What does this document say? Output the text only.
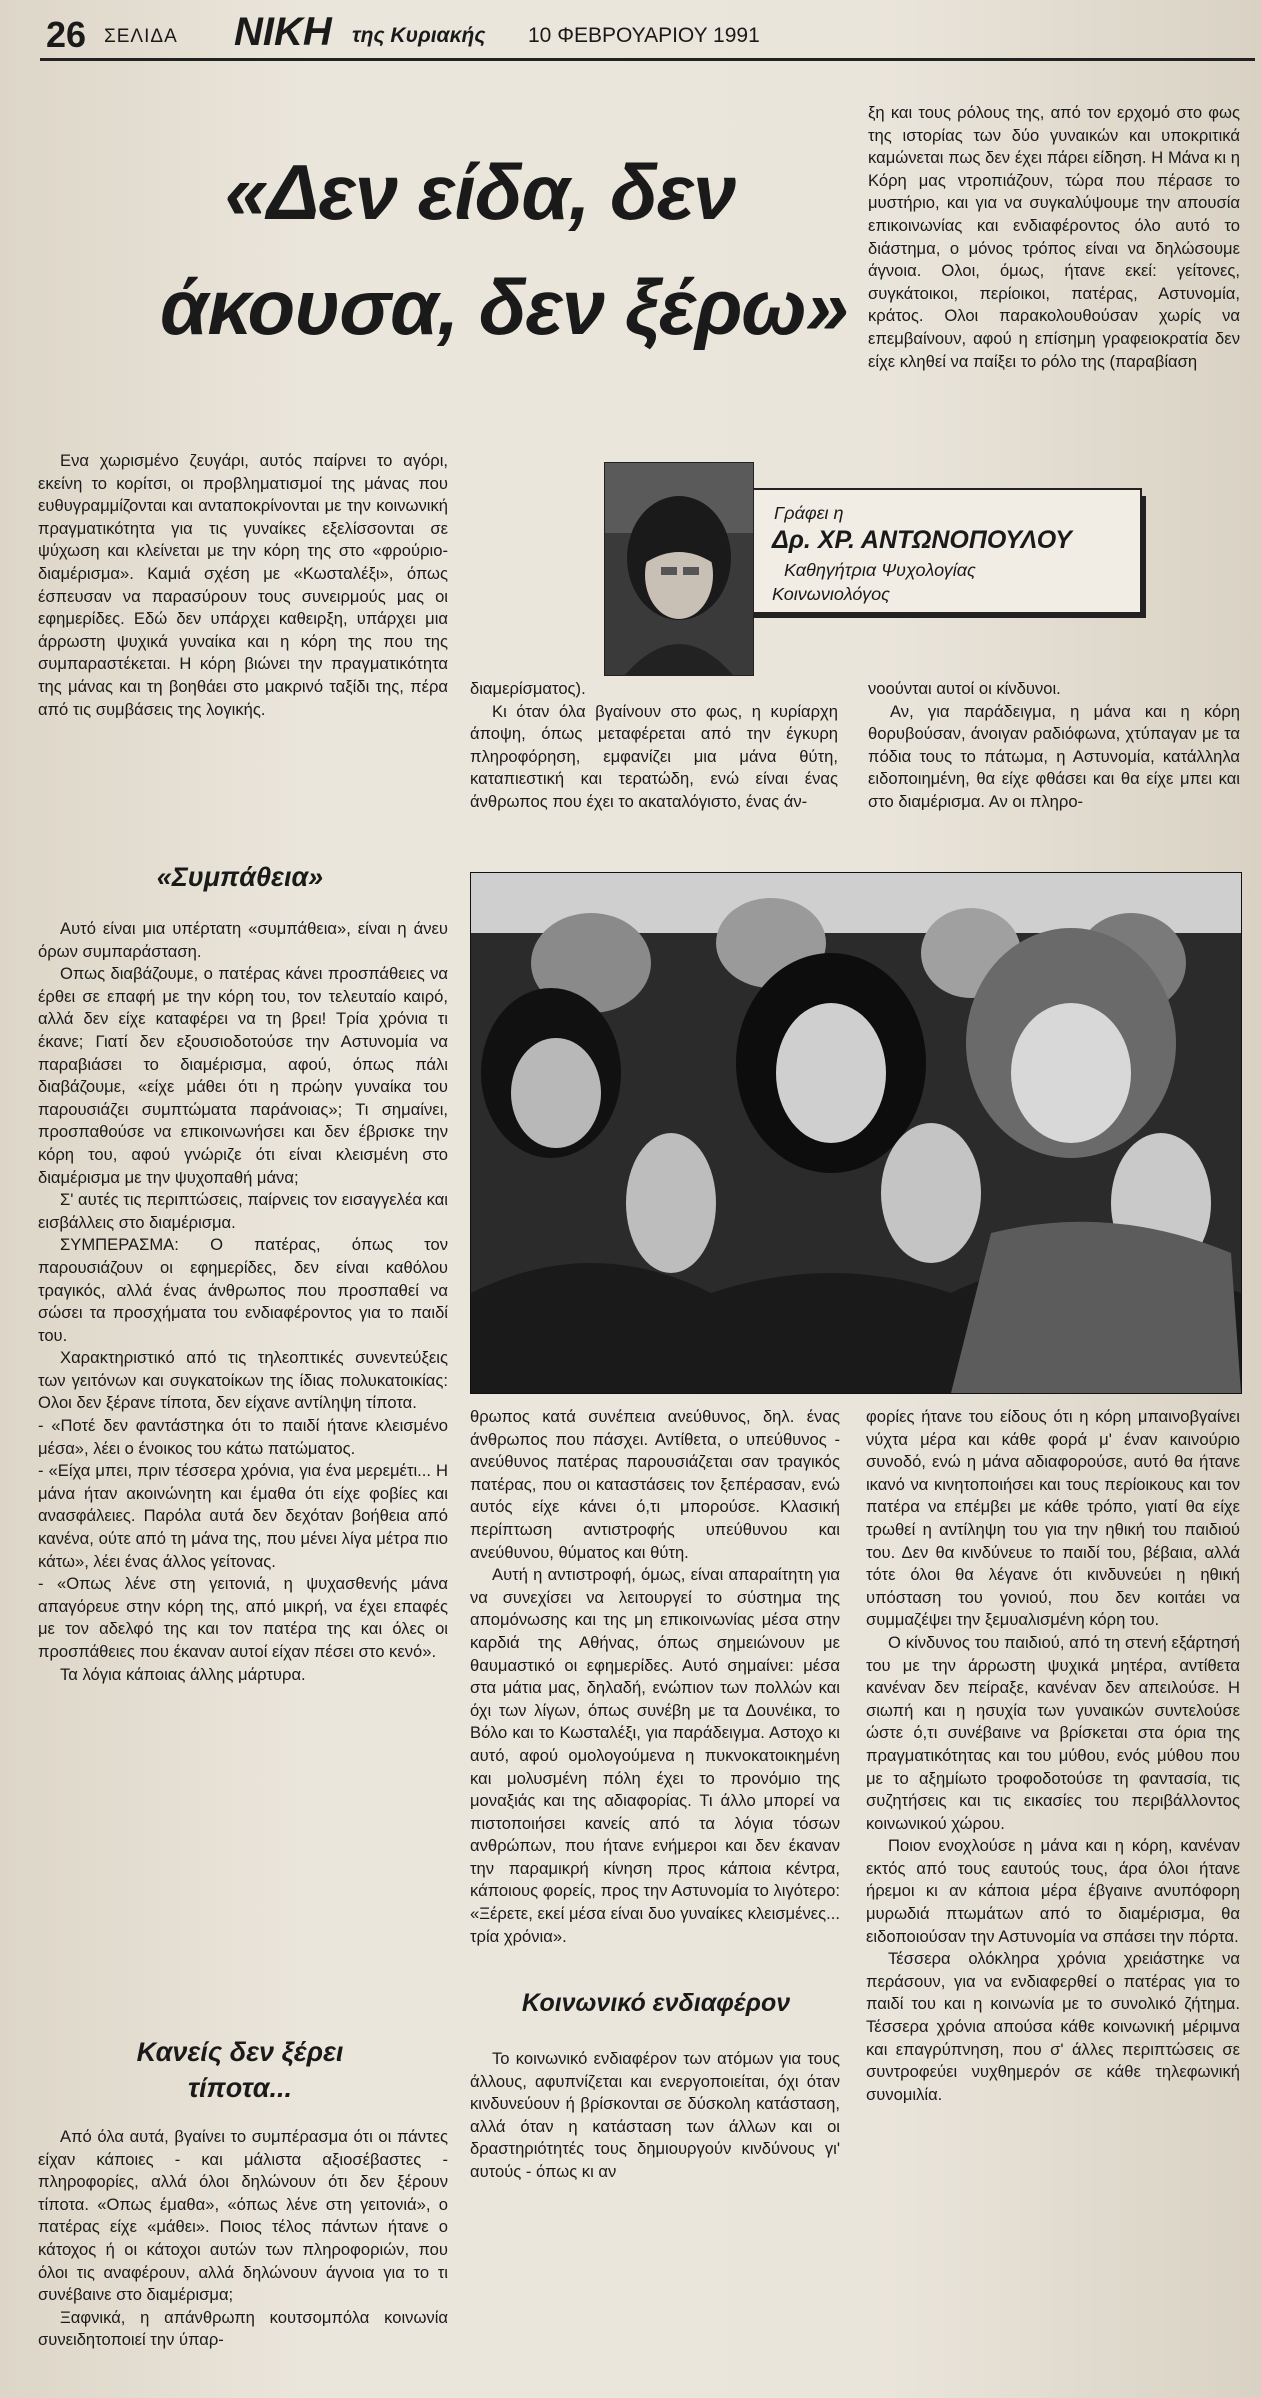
26 ΣΕΛΙΔΑ ΝΙΚΗ της Κυριακής 10 ΦΕΒΡΟΥΑΡΙΟΥ 1991
«Δεν είδα, δεν
άκουσα, δεν ξέρω»

ξη και τους ρόλους της, από τον ερχομό στο φως της ιστορίας των δύο γυναικών και υποκριτικά καμώνεται πως δεν έχει πάρει είδηση. Η Μάνα κι η Κόρη μας ντροπιάζουν, τώρα που πέρασε το μυστήριο, και για να συγκαλύψουμε την απουσία επικοινωνίας και ενδιαφέροντος όλο αυτό το διάστημα, ο μόνος τρόπος είναι να δηλώσουμε άγνοια. Ολοι, όμως, ήτανε εκεί: γείτονες, συγκάτοικοι, περίοικοι, πατέρας, Αστυνομία, κράτος. Ολοι παρακολουθούσαν χωρίς να επεμβαίνουν, αφού η επίσημη γραφειοκρατία δεν είχε κληθεί να παίξει το ρόλο της (παραβίαση

Ενα χωρισμένο ζευγάρι, αυτός παίρνει το αγόρι, εκείνη το κορίτσι, οι προβληματισμοί της μάνας που ευθυγραμμίζονται και ανταποκρίνονται με την κοινωνική πραγματικότητα για τις γυναίκες εξελίσσονται σε ψύχωση και κλείνεται με την κόρη της στο «φρούριο-διαμέρισμα». Καμιά σχέση με «Κωσταλέξι», όπως έσπευσαν να παρασύρουν τους συνειρμούς μας οι εφημερίδες. Εδώ δεν υπάρχει καθειρξη, υπάρχει μια άρρωστη ψυχικά γυναίκα και η κόρη της που της συμπαραστέκεται. Η κόρη βιώνει την πραγματικότητα της μάνας και τη βοηθάει στο μακρινό ταξίδι της, πέρα από τις συμβάσεις της λογικής.

«Συμπάθεια»

Αυτό είναι μια υπέρτατη «συμπάθεια», είναι η άνευ όρων συμπαράσταση.

Οπως διαβάζουμε, ο πατέρας κάνει προσπάθειες να έρθει σε επαφή με την κόρη του, τον τελευταίο καιρό, αλλά δεν είχε καταφέρει να τη βρει! Τρία χρόνια τι έκανε; Γιατί δεν εξουσιοδοτούσε την Αστυνομία να παραβιάσει το διαμέρισμα, αφού, όπως πάλι διαβάζουμε, «είχε μάθει ότι η πρώην γυναίκα του παρουσιάζει συμπτώματα παράνοιας»; Τι σημαίνει, προσπαθούσε να επικοινωνήσει και δεν έβρισκε την κόρη του, αφού γνώριζε ότι είναι κλεισμένη στο διαμέρισμα με την ψυχοπαθή μάνα;

Σ' αυτές τις περιπτώσεις, παίρνεις τον εισαγγελέα και εισβάλλεις στο διαμέρισμα.

ΣΥΜΠΕΡΑΣΜΑ: Ο πατέρας, όπως τον παρουσιάζουν οι εφημερίδες, δεν είναι καθόλου τραγικός, αλλά ένας άνθρωπος που προσπαθεί να σώσει τα προσχήματα του ενδιαφέροντος για το παιδί του.

Χαρακτηριστικό από τις τηλεοπτικές συνεντεύξεις των γειτόνων και συγκατοίκων της ίδιας πολυκατοικίας: Ολοι δεν ξέρανε τίποτα, δεν είχανε αντίληψη τίποτα.

- «Ποτέ δεν φαντάστηκα ότι το παιδί ήτανε κλεισμένο μέσα», λέει ο ένοικος του κάτω πατώματος.

- «Είχα μπει, πριν τέσσερα χρόνια, για ένα μερεμέτι... Η μάνα ήταν ακοινώνητη και έμαθα ότι είχε φοβίες και ανασφάλειες. Παρόλα αυτά δεν δεχόταν βοήθεια από κανένα, ούτε από τη μάνα της, που μένει λίγα μέτρα πιο κάτω», λέει ένας άλλος γείτονας.

- «Οπως λένε στη γειτονιά, η ψυχασθενής μάνα απαγόρευε στην κόρη της, από μικρή, να έχει επαφές με τον αδελφό της και τον πατέρα της και όλες οι προσπάθειες που έκαναν αυτοί είχαν πέσει στο κενό».

Τα λόγια κάποιας άλλης μάρτυρα.

Κανείς δεν ξέρει
τίποτα...

Από όλα αυτά, βγαίνει το συμπέρασμα ότι οι πάντες είχαν κάποιες - και μάλιστα αξιοσέβαστες - πληροφορίες, αλλά όλοι δηλώνουν ότι δεν ξέρουν τίποτα. «Οπως έμαθα», «όπως λένε στη γειτονιά», ο πατέρας είχε «μάθει». Ποιος τέλος πάντων ήτανε ο κάτοχος ή οι κάτοχοι αυτών των πληροφοριών, που όλοι τις αναφέρουν, αλλά δηλώνουν άγνοια για το τι συνέβαινε στο διαμέρισμα;

Ξαφνικά, η απάνθρωπη κουτσομπόλα κοινωνία συνειδητοποιεί την ύπαρ-

Γράφει η
Δρ. ΧΡ. ΑΝΤΩΝΟΠΟΥΛΟΥ
Καθηγήτρια Ψυχολογίας
Κοινωνιολόγος

διαμερίσματος).

Κι όταν όλα βγαίνουν στο φως, η κυρίαρχη άποψη, όπως μεταφέρεται από την έγκυρη πληροφόρηση, εμφανίζει μια μάνα θύτη, καταπιεστική και τερατώδη, ενώ είναι ένας άνθρωπος που έχει το ακαταλόγιστο, ένας άν-

νοούνται αυτοί οι κίνδυνοι.

Αν, για παράδειγμα, η μάνα και η κόρη θορυβούσαν, άνοιγαν ραδιόφωνα, χτύπαγαν με τα πόδια τους το πάτωμα, η Αστυνομία, κατάλληλα ειδοποιημένη, θα είχε φθάσει και θα είχε μπει και στο διαμέρισμα. Αν οι πληρο-

θρωπος κατά συνέπεια ανεύθυνος, δηλ. ένας άνθρωπος που πάσχει. Αντίθετα, ο υπεύθυνος - ανεύθυνος πατέρας παρουσιάζεται σαν τραγικός πατέρας, που οι καταστάσεις τον ξεπέρασαν, ενώ αυτός είχε κάνει ό,τι μπορούσε. Κλασική περίπτωση αντιστροφής υπεύθυνου και ανεύθυνου, θύματος και θύτη.

Αυτή η αντιστροφή, όμως, είναι απαραίτητη για να συνεχίσει να λειτουργεί το σύστημα της απομόνωσης και της μη επικοινωνίας μέσα στην καρδιά της Αθήνας, όπως σημειώνουν με θαυμαστικό οι εφημερίδες. Αυτό σημαίνει: μέσα στα μάτια μας, δηλαδή, ενώπιον των πολλών και όχι των λίγων, όπως συνέβη με τα Δουνέικα, το Βόλο και το Κωσταλέξι, για παράδειγμα. Αστοχο κι αυτό, αφού ομολογούμενα η πυκνοκατοικημένη και μολυσμένη πόλη έχει το προνόμιο της μοναξιάς και της αδιαφορίας. Τι άλλο μπορεί να πιστοποιήσει κανείς από τα λόγια τόσων ανθρώπων, που ήτανε ενήμεροι και δεν έκαναν την παραμικρή κίνηση προς κάποια κέντρα, κάποιους φορείς, προς την Αστυνομία το λιγότερο: «Ξέρετε, εκεί μέσα είναι δυο γυναίκες κλεισμένες... τρία χρόνια».

Κοινωνικό ενδιαφέρον

Το κοινωνικό ενδιαφέρον των ατόμων για τους άλλους, αφυπνίζεται και ενεργοποιείται, όχι όταν κινδυνεύουν ή βρίσκονται σε δύσκολη κατάσταση, αλλά όταν η κατάσταση των άλλων και οι δραστηριότητές τους δημιουργούν κινδύνους γι' αυτούς - όπως κι αν

φορίες ήτανε του είδους ότι η κόρη μπαινοβγαίνει νύχτα μέρα και κάθε φορά μ' έναν καινούριο συνοδό, ενώ η μάνα αδιαφορούσε, αυτό θα ήτανε ικανό να κινητοποιήσει και τους περίοικους και τον πατέρα να επέμβει με κάθε τρόπο, γιατί θα είχε τρωθεί η αντίληψη του για την ηθική του παιδιού του. Δεν θα κινδύνευε το παιδί του, βέβαια, αλλά τότε όλοι θα λέγανε ότι κινδυνεύει η ηθική υπόσταση του γονιού, που δεν κοιτάει να συμμαζέψει την ξεμυαλισμένη κόρη του.

Ο κίνδυνος του παιδιού, από τη στενή εξάρτησή του με την άρρωστη ψυχικά μητέρα, αντίθετα κανέναν δεν πείραξε, κανέναν δεν απειλούσε. Η σιωπή και η ησυχία των γυναικών συντελούσε ώστε ό,τι συνέβαινε να βρίσκεται στα όρια της πραγματικότητας και του μύθου, ενός μύθου που με το αξημίωτο τροφοδοτούσε τη φαντασία, τις συζητήσεις και τις εικασίες του περιβάλλοντος κοινωνικού χώρου.

Ποιον ενοχλούσε η μάνα και η κόρη, κανέναν εκτός από τους εαυτούς τους, άρα όλοι ήτανε ήρεμοι κι αν κάποια μέρα έβγαινε ανυπόφορη μυρωδιά πτωμάτων από το διαμέρισμα, θα ειδοποιούσαν την Αστυνομία να σπάσει την πόρτα.

Τέσσερα ολόκληρα χρόνια χρειάστηκε να περάσουν, για να ενδιαφερθεί ο πατέρας για το παιδί του και η κοινωνία με το συνολικό ζήτημα. Τέσσερα χρόνια απούσα κάθε κοινωνική μέριμνα και επαγρύπνηση, που σ' άλλες περιπτώσεις σε συντροφεύει νυχθημερόν σε κάθε τηλεφωνική συνομιλία.
